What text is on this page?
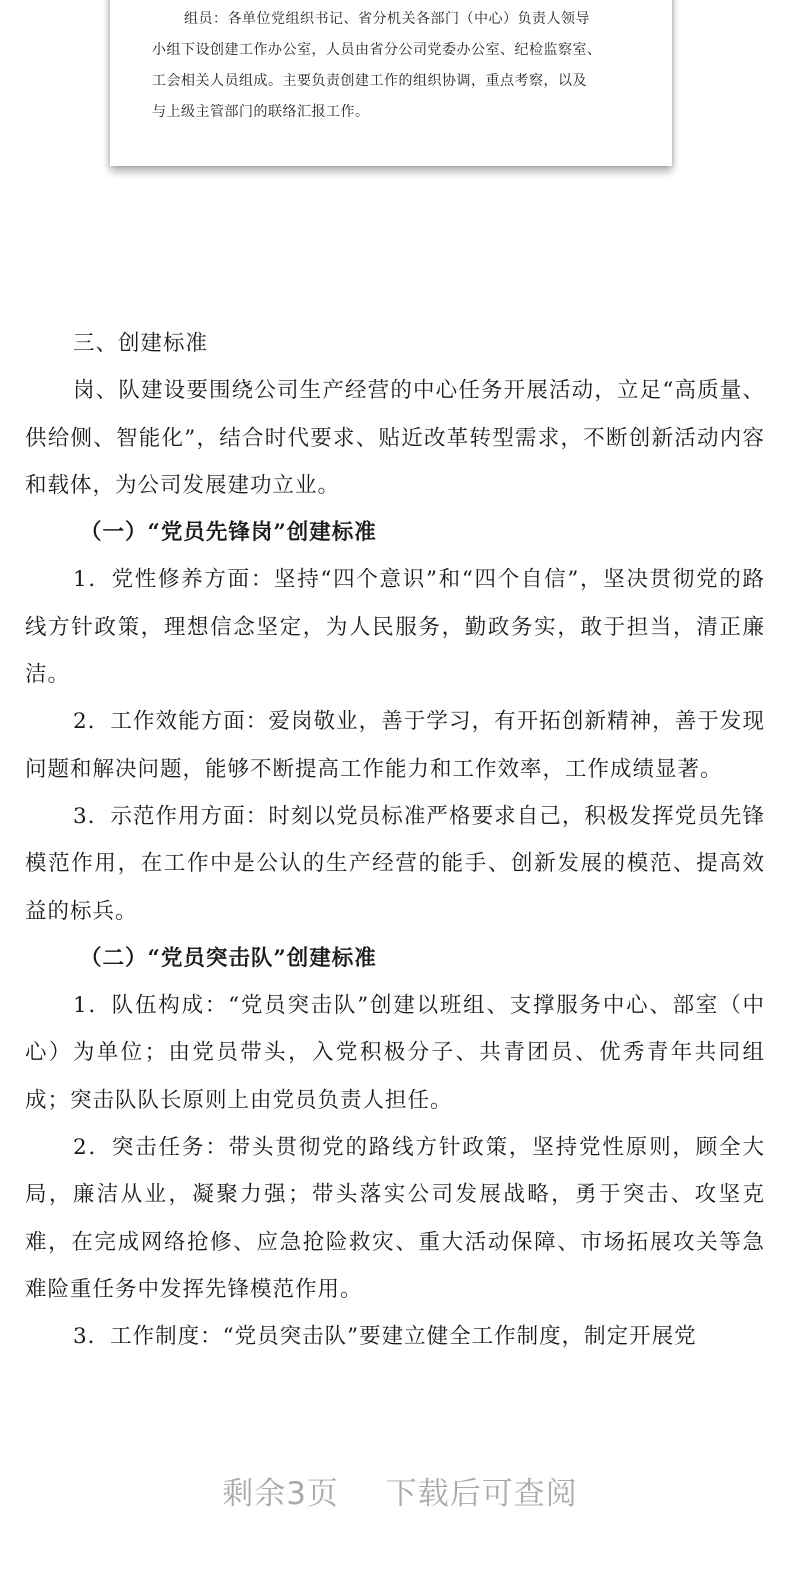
组员：各单位党组织书记、省分机关各部门（中心）负责人领导
小组下设创建工作办公室，人员由省分公司党委办公室、纪检监察室、
工会相关人员组成。主要负责创建工作的组织协调，重点考察，以及
与上级主管部门的联络汇报工作。

三、创建标准

岗、队建设要围绕公司生产经营的中心任务开展活动，立足“高质量、供给侧、智能化”，结合时代要求、贴近改革转型需求，不断创新活动内容和载体，为公司发展建功立业。

（一）“党员先锋岗”创建标准

1．党性修养方面：坚持“四个意识”和“四个自信”，坚决贯彻党的路线方针政策，理想信念坚定，为人民服务，勤政务实，敢于担当，清正廉洁。

2．工作效能方面：爱岗敬业，善于学习，有开拓创新精神，善于发现问题和解决问题，能够不断提高工作能力和工作效率，工作成绩显著。

3．示范作用方面：时刻以党员标准严格要求自己，积极发挥党员先锋模范作用，在工作中是公认的生产经营的能手、创新发展的模范、提高效益的标兵。

（二）“党员突击队”创建标准

1．队伍构成：“党员突击队”创建以班组、支撑服务中心、部室（中心）为单位；由党员带头，入党积极分子、共青团员、优秀青年共同组成；突击队队长原则上由党员负责人担任。

2．突击任务：带头贯彻党的路线方针政策，坚持党性原则，顾全大局，廉洁从业，凝聚力强；带头落实公司发展战略，勇于突击、攻坚克难，在完成网络抢修、应急抢险救灾、重大活动保障、市场拓展攻关等急难险重任务中发挥先锋模范作用。

3．工作制度：“党员突击队”要建立健全工作制度，制定开展党

剩余3页 下载后可查阅
